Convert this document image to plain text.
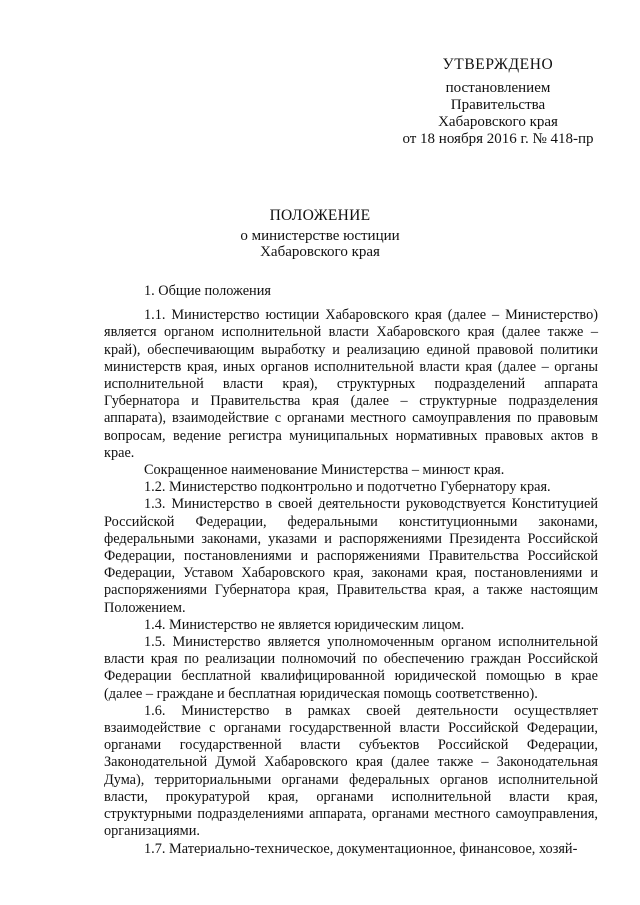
УТВЕРЖДЕНО
постановлением
Правительства
Хабаровского края
от 18 ноября 2016 г. № 418-пр
ПОЛОЖЕНИЕ
о министерстве юстиции
Хабаровского края
1. Общие положения

1.1. Министерство юстиции Хабаровского края (далее – Министерство) является органом исполнительной власти Хабаровского края (далее также – край), обеспечивающим выработку и реализацию единой правовой политики министерств края, иных органов исполнительной власти края (далее – органы исполнительной власти края), структурных подразделений аппарата Губернатора и Правительства края (далее – структурные подразделения аппарата), взаимодействие с органами местного самоуправления по правовым вопросам, ведение регистра муниципальных нормативных правовых актов в крае.

Сокращенное наименование Министерства – минюст края.

1.2. Министерство подконтрольно и подотчетно Губернатору края.

1.3. Министерство в своей деятельности руководствуется Конституцией Российской Федерации, федеральными конституционными законами, федеральными законами, указами и распоряжениями Президента Российской Федерации, постановлениями и распоряжениями Правительства Российской Федерации, Уставом Хабаровского края, законами края, постановлениями и распоряжениями Губернатора края, Правительства края, а также настоящим Положением.

1.4. Министерство не является юридическим лицом.

1.5. Министерство является уполномоченным органом исполнительной власти края по реализации полномочий по обеспечению граждан Российской Федерации бесплатной квалифицированной юридической помощью в крае (далее – граждане и бесплатная юридическая помощь соответственно).

1.6. Министерство в рамках своей деятельности осуществляет взаимодействие с органами государственной власти Российской Федерации, органами государственной власти субъектов Российской Федерации, Законодательной Думой Хабаровского края (далее также – Законодательная Дума), территориальными органами федеральных органов исполнительной власти, прокуратурой края, органами исполнительной власти края, структурными подразделениями аппарата, органами местного самоуправления, организациями.

1.7. Материально-техническое, документационное, финансовое, хозяй-
